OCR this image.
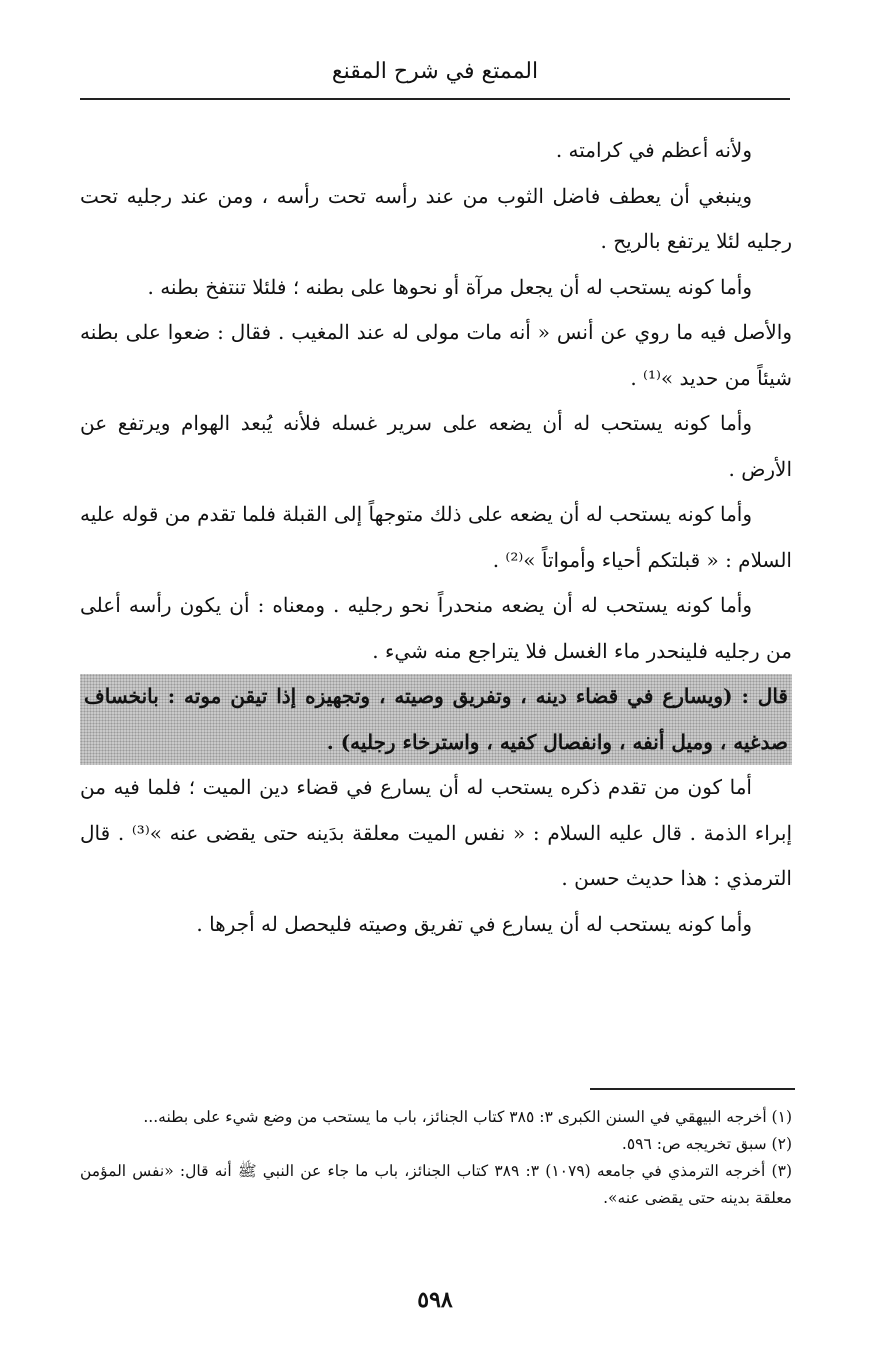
الممتع في شرح المقنع

ولأنه أعظم في كرامته .

وينبغي أن يعطف فاضل الثوب من عند رأسه تحت رأسه ، ومن عند رجليه تحت رجليه لئلا يرتفع بالريح .

وأما كونه يستحب له أن يجعل مرآة أو نحوها على بطنه ؛ فلئلا تنتفخ بطنه .

والأصل فيه ما روي عن أنس « أنه مات مولى له عند المغيب . فقال : ضعوا على بطنه شيئاً من حديد »⁽¹⁾ .

وأما كونه يستحب له أن يضعه على سرير غسله فلأنه يُبعد الهوام ويرتفع عن الأرض .

وأما كونه يستحب له أن يضعه على ذلك متوجهاً إلى القبلة فلما تقدم من قوله عليه السلام : « قبلتكم أحياء وأمواتاً »⁽²⁾ .

وأما كونه يستحب له أن يضعه منحدراً نحو رجليه . ومعناه : أن يكون رأسه أعلى من رجليه فلينحدر ماء الغسل فلا يتراجع منه شيء .

قال : (ويسارع في قضاء دينه ، وتفريق وصيته ، وتجهيزه إذا تيقن موته : بانخساف صدغيه ، وميل أنفه ، وانفصال كفيه ، واسترخاء رجليه) .

أما كون من تقدم ذكره يستحب له أن يسارع في قضاء دين الميت ؛ فلما فيه من إبراء الذمة . قال عليه السلام : « نفس الميت معلقة بدَينه حتى يقضى عنه »⁽³⁾ . قال الترمذي : هذا حديث حسن .

وأما كونه يستحب له أن يسارع في تفريق وصيته فليحصل له أجرها .

(١) أخرجه البيهقي في السنن الكبرى ٣: ٣٨٥ كتاب الجنائز، باب ما يستحب من وضع شيء على بطنه...

(٢) سبق تخريجه ص: ٥٩٦.

(٣) أخرجه الترمذي في جامعه (١٠٧٩) ٣: ٣٨٩ كتاب الجنائز، باب ما جاء عن النبي ﷺ أنه قال: «نفس المؤمن معلقة بدينه حتى يقضى عنه».

٥٩٨
